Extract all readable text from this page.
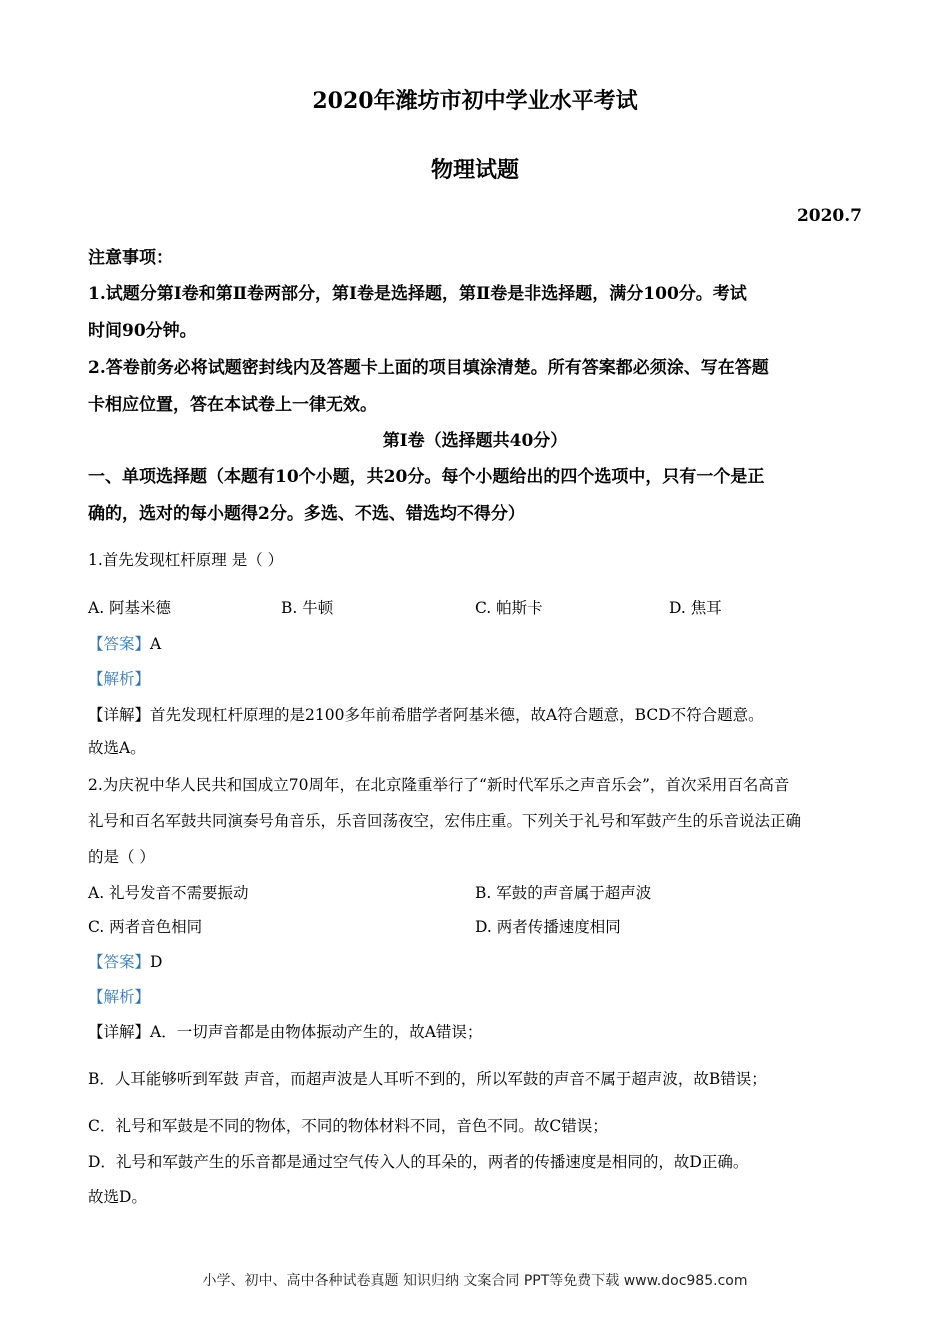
2020年潍坊市初中学业水平考试
物理试题
2020.7
注意事项：
1.试题分第Ⅰ卷和第Ⅱ卷两部分，第Ⅰ卷是选择题，第Ⅱ卷是非选择题，满分100分。考试
时间90分钟。
2.答卷前务必将试题密封线内及答题卡上面的项目填涂清楚。所有答案都必须涂、写在答题
卡相应位置，答在本试卷上一律无效。
第Ⅰ卷（选择题共40分）
一、单项选择题（本题有10个小题，共20分。每个小题给出的四个选项中，只有一个是正
确的，选对的每小题得2分。多选、不选、错选均不得分）
1.首先发现杠杆原理 是（ ）
A. 阿基米德	B. 牛顿	C. 帕斯卡	D. 焦耳
【答案】A
【解析】
【详解】首先发现杠杆原理的是2100多年前希腊学者阿基米德，故A符合题意，BCD不符合题意。
故选A。
2.为庆祝中华人民共和国成立70周年，在北京隆重举行了“新时代军乐之声音乐会”，首次采用百名高音
礼号和百名军鼓共同演奏号角音乐，乐音回荡夜空，宏伟庄重。下列关于礼号和军鼓产生的乐音说法正确
的是（ ）
A. 礼号发音不需要振动	B. 军鼓的声音属于超声波
C. 两者音色相同	D. 两者传播速度相同
【答案】D
【解析】
【详解】A．一切声音都是由物体振动产生的，故A错误；
B．人耳能够听到军鼓 声音，而超声波是人耳听不到的，所以军鼓的声音不属于超声波，故B错误；
C．礼号和军鼓是不同的物体，不同的物体材料不同，音色不同。故C错误；
D．礼号和军鼓产生的乐音都是通过空气传入人的耳朵的，两者的传播速度是相同的，故D正确。
故选D。
小学、初中、高中各种试卷真题 知识归纳 文案合同 PPT等免费下载 www.doc985.com
